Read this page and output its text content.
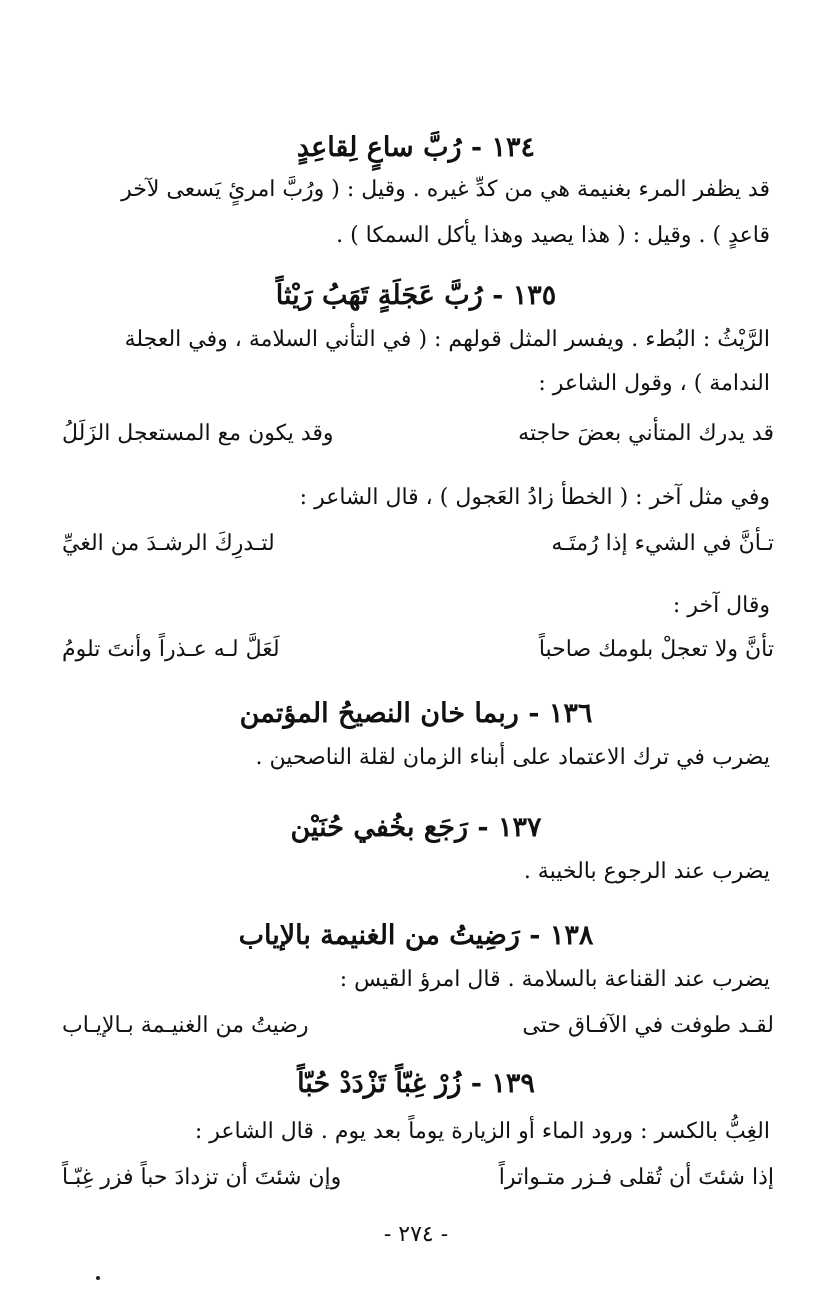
١٣٤ - رُبَّ ساعٍ لِقاعِدٍ
قد يظفر المرء بغنيمة هي من كدِّ غيره . وقيل : ( ورُبَّ امرئٍ يَسعى لآخر
قاعدٍ ) . وقيل : ( هذا يصيد وهذا يأكل السمكا ) .
١٣٥ - رُبَّ عَجَلَةٍ تَهَبُ رَيْثاً
الرَّيْثُ : البُطء . ويفسر المثل قولهم : ( في التأني السلامة ، وفي العجلة
الندامة ) ، وقول الشاعر :
قد يدرك المتأني بعضَ حاجته
وقد يكون مع المستعجل الزَلَلُ
وفي مثل آخر : ( الخطأ زادُ العَجول ) ، قال الشاعر :
تـأنَّ في الشيء إذا رُمتَـه
لتـدرِكَ الرشـدَ من الغيِّ
وقال آخر :
تأنَّ ولا تعجلْ بلومك صاحباً
لَعَلَّ لـه عـذراً وأنتَ تلومُ
١٣٦ - ربما خان النصيحُ المؤتمن
يضرب في ترك الاعتماد على أبناء الزمان لقلة الناصحين .
١٣٧ - رَجَع بخُفي حُنَيْن
يضرب عند الرجوع بالخيبة .
١٣٨ - رَضِيتُ من الغنيمة بالإياب
يضرب عند القناعة بالسلامة . قال امرؤ القيس :
لقـد طوفت في الآفـاق حتى
رضيتُ من الغنيـمة بـالإيـاب
١٣٩ - زُرْ غِبّاً تَزْدَدْ حُبّاً
الغِبُّ بالكسر : ورود الماء أو الزيارة يوماً بعد يوم . قال الشاعر :
إذا شئتَ أن تُقلى فـزر متـواتراً
وإن شئتَ أن تزدادَ حباً فزر غِبّـاً
- ٢٧٤ -
